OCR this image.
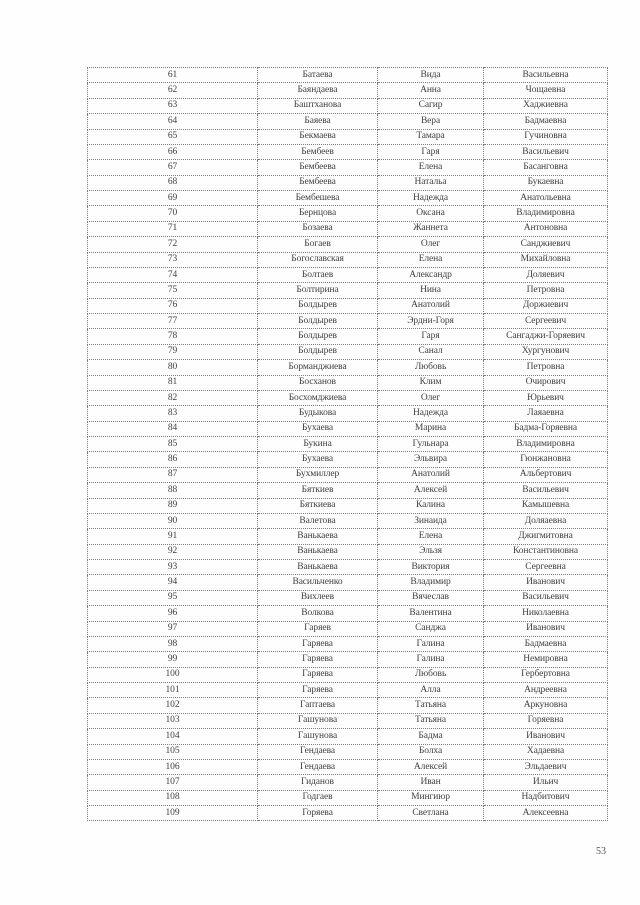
61	Батаева	Вида	Васильевна
62	Баяндаева	Анна	Чощаевна
63	Баштханова	Сагир	Хаджиевна
64	Баяева	Вера	Бадмаевна
65	Бекмаева	Тамара	Гучиновна
66	Бембеев	Гаря	Васильевич
67	Бембеева	Елена	Басанговна
68	Бембеева	Натальа	Букаевна
69	Бембешева	Надежда	Анатольевна
70	Бернцова	Оксана	Владимировна
71	Бозаева	Жаннета	Антоновна
72	Богаев	Олег	Санджиевич
73	Богославская	Елена	Михайловна
74	Болтаев	Александр	Доляевич
75	Болтирина	Нина	Петровна
76	Болдырев	Анатолий	Доржиевич
77	Болдырев	Эрдни-Горя	Сергеевич
78	Болдырев	Гаря	Сангаджи-Горяевич
79	Болдырев	Санал	Хургунович
80	Борманджиева	Любовь	Петровна
81	Босханов	Клим	Очирович
82	Босхомджиева	Олег	Юрьевич
83	Будыкова	Надежда	Лаяаевна
84	Бухаева	Марина	Бадма-Горяевна
85	Букина	Гульнара	Владимировна
86	Бухаева	Эльвира	Гюнжановна
87	Бухмиллер	Анатолий	Альбертович
88	Бяткиев	Алексей	Васильевич
89	Бяткиева	Калина	Камышевна
90	Валетова	Зинаида	Доляаевна
91	Ванькаева	Елена	Джигмитовна
92	Ванькаева	Эльзя	Константиновна
93	Ванькаева	Виктория	Сергеевна
94	Васильченко	Владимир	Иванович
95	Вихлеев	Вячеслав	Васильевич
96	Волкова	Валентина	Николаевна
97	Гаряев	Санджа	Иванович
98	Гаряева	Галина	Бадмаевна
99	Гаряева	Галина	Немировна
100	Гаряева	Любовь	Гербертовна
101	Гаряева	Алла	Андреевна
102	Гаптаева	Татьяна	Аркуновна
103	Гашунова	Татьяна	Горяевна
104	Гашунова	Бадма	Иванович
105	Гендаева	Болха	Хадаевна
106	Гендаева	Алексей	Эльдаевич
107	Гиданов	Иван	Ильич
108	Годгаев	Мингиюр	Надбитович
109	Горяева	Светлана	Алексеевна
53
